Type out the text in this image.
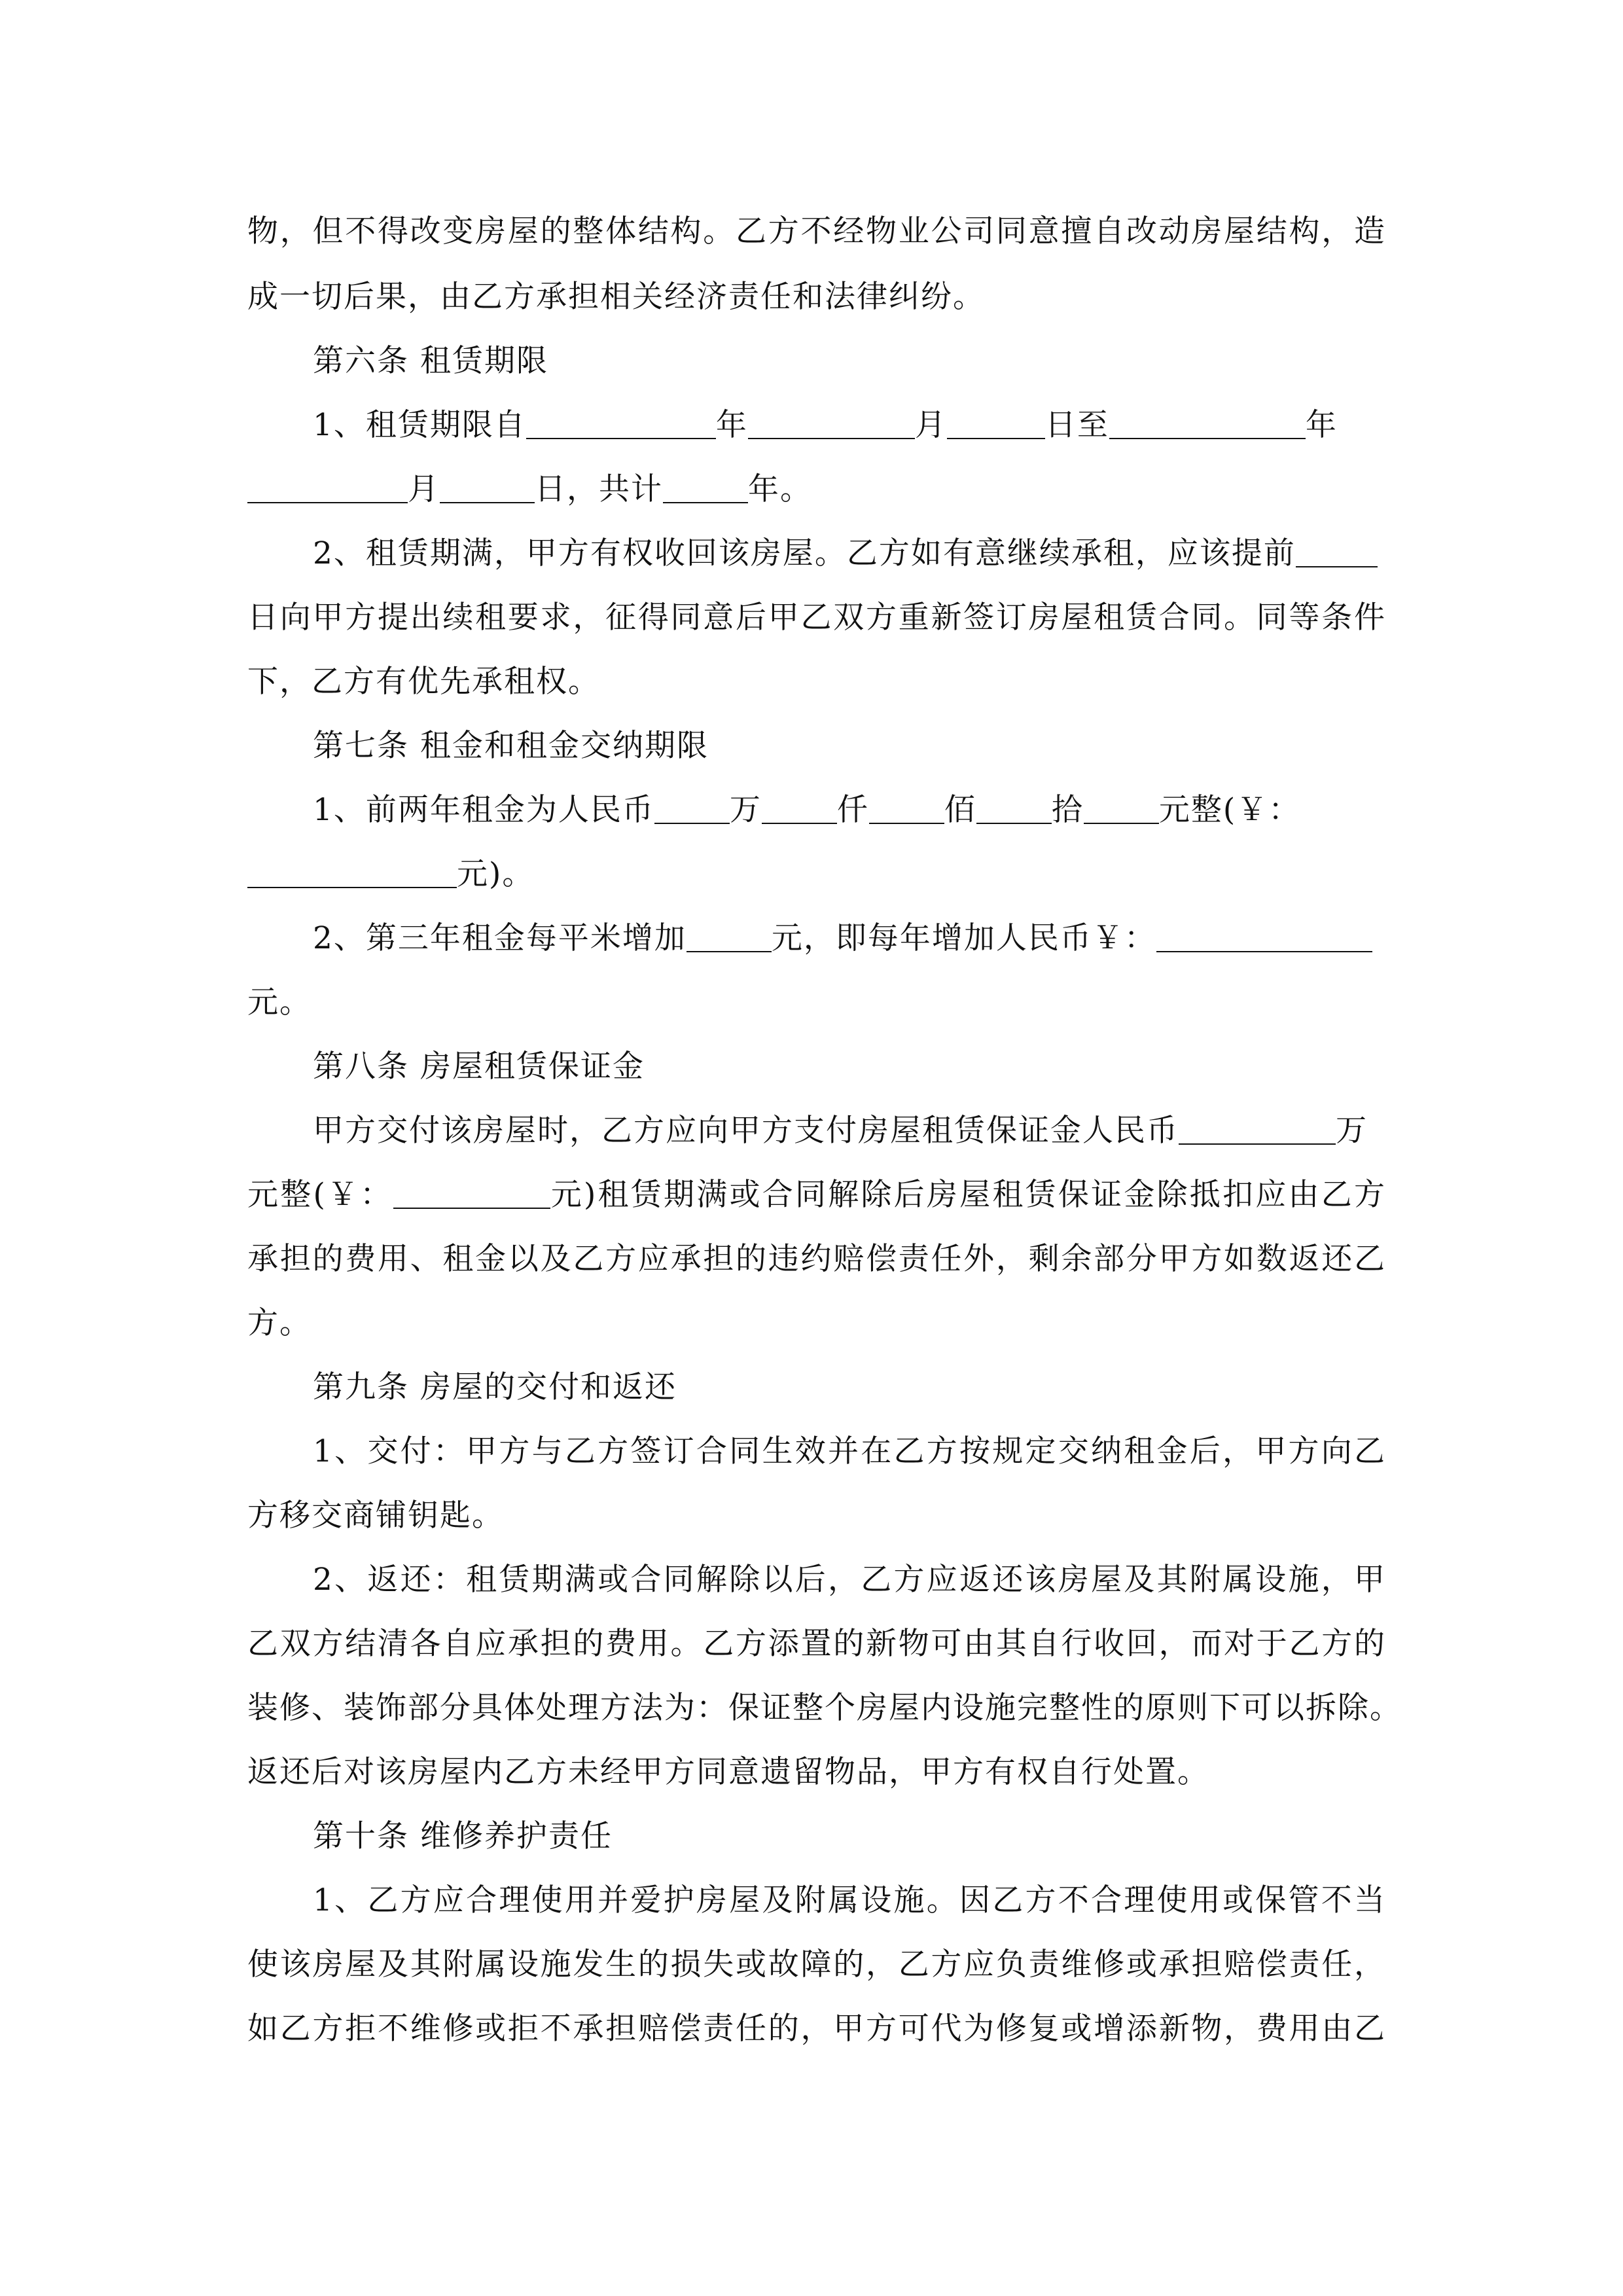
物，但不得改变房屋的整体结构。乙方不经物业公司同意擅自改动房屋结构，造
成一切后果，由乙方承担相关经济责任和法律纠纷。
第六条 租赁期限
1、租赁期限自	年	月	日至	年
月	日，共计	年。
2、租赁期满，甲方有权收回该房屋。乙方如有意继续承租，应该提前
日向甲方提出续租要求，征得同意后甲乙双方重新签订房屋租赁合同。同等条件
下，乙方有优先承租权。
第七条 租金和租金交纳期限
1、前两年租金为人民币 万 仟 佰 拾 元整(￥：
元)。
2、第三年租金每平米增加	元，即每年增加人民币￥：
元。
第八条 房屋租赁保证金
甲方交付该房屋时，乙方应向甲方支付房屋租赁保证金人民币	万
元整(￥：	元)租赁期满或合同解除后房屋租赁保证金除抵扣应由乙方
承担的费用、租金以及乙方应承担的违约赔偿责任外，剩余部分甲方如数返还乙
方。
第九条 房屋的交付和返还
1、交付：甲方与乙方签订合同生效并在乙方按规定交纳租金后，甲方向乙
方移交商铺钥匙。
2、返还：租赁期满或合同解除以后，乙方应返还该房屋及其附属设施，甲
乙双方结清各自应承担的费用。乙方添置的新物可由其自行收回，而对于乙方的
装修、装饰部分具体处理方法为：保证整个房屋内设施完整性的原则下可以拆除。
返还后对该房屋内乙方未经甲方同意遗留物品，甲方有权自行处置。
第十条 维修养护责任
1、乙方应合理使用并爱护房屋及附属设施。因乙方不合理使用或保管不当
使该房屋及其附属设施发生的损失或故障的，乙方应负责维修或承担赔偿责任，
如乙方拒不维修或拒不承担赔偿责任的，甲方可代为修复或增添新物，费用由乙
